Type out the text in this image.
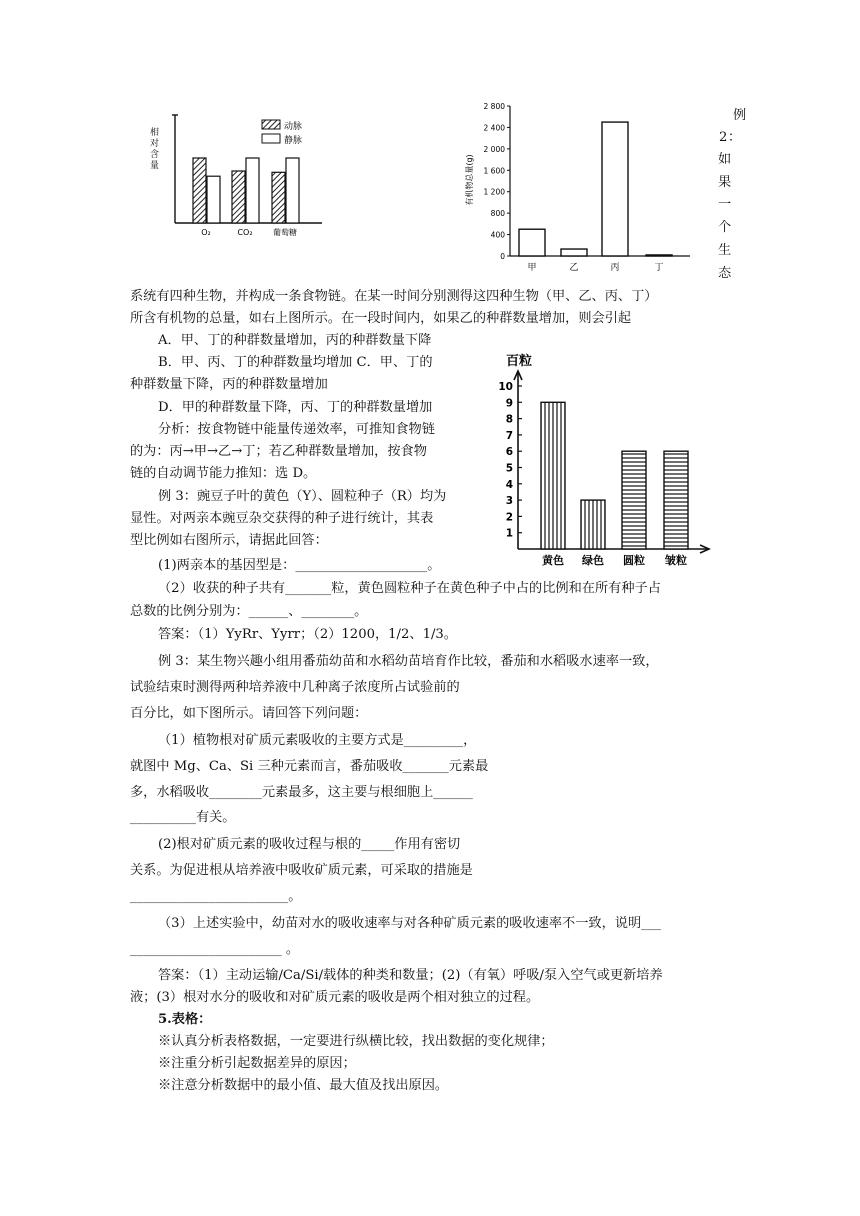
动脉
静脉
O₂	CO₂	葡萄糖
相对含量
2 800
2 400
2 000
1 600
1 200
800
400
0
有机物总量(g)
甲	乙	丙	丁
百粒
10
9
8
7
6
5
4
3
2
1
黄色 绿色 圆粒 皱粒
例
2 ：
如
果
一
个
生
态
系统有四种生物，并构成一条食物链。在某一时间分别测得这四种生物（甲、乙、丙、丁）
所含有机物的总量，如右上图所示。在一段时间内，如果乙的种群数量增加，则会引起
A．甲、丁的种群数量增加，丙的种群数量下降
B．甲、丙、丁的种群数量均增加 C．甲、丁的
种群数量下降，丙的种群数量增加
D．甲的种群数量下降，丙、丁的种群数量增加
分析：按食物链中能量传递效率，可推知食物链
的为：丙→甲→乙→丁；若乙种群数量增加，按食物
链的自动调节能力推知：选 D。
例 3：豌豆子叶的黄色（Y）、圆粒种子（R）均为
显性。对两亲本豌豆杂交获得的种子进行统计，其表
型比例如右图所示，请据此回答：
(1)两亲本的基因型是：____________________。
（2）收获的种子共有_______粒，黄色圆粒种子在黄色种子中占的比例和在所有种子占
总数的比例分别为：______、________。
答案：（1）YyRr、Yyrr；（2）1200，1/2、1/3。
例 3：某生物兴趣小组用番茄幼苗和水稻幼苗培育作比较，番茄和水稻吸水速率一致，
试验结束时测得两种培养液中几种离子浓度所占试验前的
百分比，如下图所示。请回答下列问题：
（1）植物根对矿质元素吸收的主要方式是_________，
就图中 Mg、Ca、Si 三种元素而言，番茄吸收_______元素最
多，水稻吸收________元素最多，这主要与根细胞上______
__________有关。
(2)根对矿质元素的吸收过程与根的_____作用有密切
关系。为促进根从培养液中吸收矿质元素，可采取的措施是
________________________。
（3）上述实验中，幼苗对水的吸收速率与对各种矿质元素的吸收速率不一致，说明___
_______________________ 。
答案：（1）主动运输/Ca/Si/载体的种类和数量；(2)（有氧）呼吸/泵入空气或更新培养
液；(3）根对水分的吸收和对矿质元素的吸收是两个相对独立的过程。
5.表格：
※认真分析表格数据，一定要进行纵横比较，找出数据的变化规律；
※注重分析引起数据差异的原因；
※注意分析数据中的最小值、最大值及找出原因。
